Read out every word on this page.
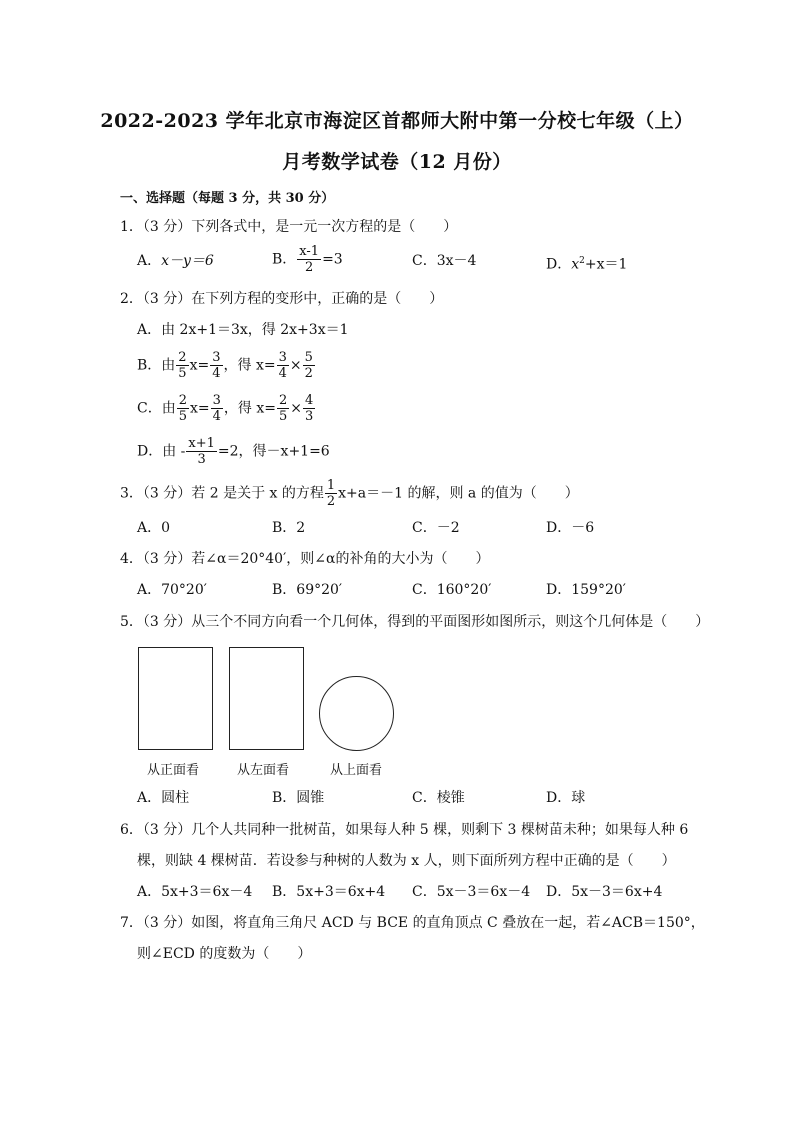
2022-2023 学年北京市海淀区首都师大附中第一分校七年级（上）
月考数学试卷（12 月份）
一、选择题（每题 3 分，共 30 分）
1．（3 分）下列各式中，是一元一次方程的是（　　）
A．x－y＝6	B． $\frac{x-1}{2} =3$	C．3x－4	D．$x^2+x=1$
2．（3 分）在下列方程的变形中，正确的是（　　）
A．由 2x+1＝3x，得 2x+3x＝1
B．由 $\frac{2}{5} x= \frac{3}{4}$ ，得 $x= \frac{3}{4} \times \frac{5}{2}$
C．由 $\frac{2}{5} x= \frac{3}{4}$ ，得 $x= \frac{2}{5} \times \frac{4}{3}$
D．由 - $\frac{x+1}{3} =2$，得－x+1=6
3．（3 分）若 2 是关于 x 的方程 $\frac{1}{2} x+a=-1$ 的解，则 a 的值为（　　）
A．0	B．2	C．－2	D．－6
4．（3 分）若∠α＝20°40′，则∠α的补角的大小为（　　）
A．70°20′	B．69°20′	C．160°20′	D．159°20′
5．（3 分）从三个不同方向看一个几何体，得到的平面图形如图所示，则这个几何体是（　　）
从正面看	从左面看	从上面看
A．圆柱	B．圆锥	C．棱锥	D．球
6．（3 分）几个人共同种一批树苗，如果每人种 5 棵，则剩下 3 棵树苗未种；如果每人种 6
棵，则缺 4 棵树苗．若设参与种树的人数为 x 人，则下面所列方程中正确的是（　　）
A．5x+3＝6x－4 B．5x+3＝6x+4 C．5x－3＝6x－4 D．5x－3＝6x+4
7．（3 分）如图，将直角三角尺 ACD 与 BCE 的直角顶点 C 叠放在一起，若∠ACB＝150°，
则∠ECD 的度数为（　　）
